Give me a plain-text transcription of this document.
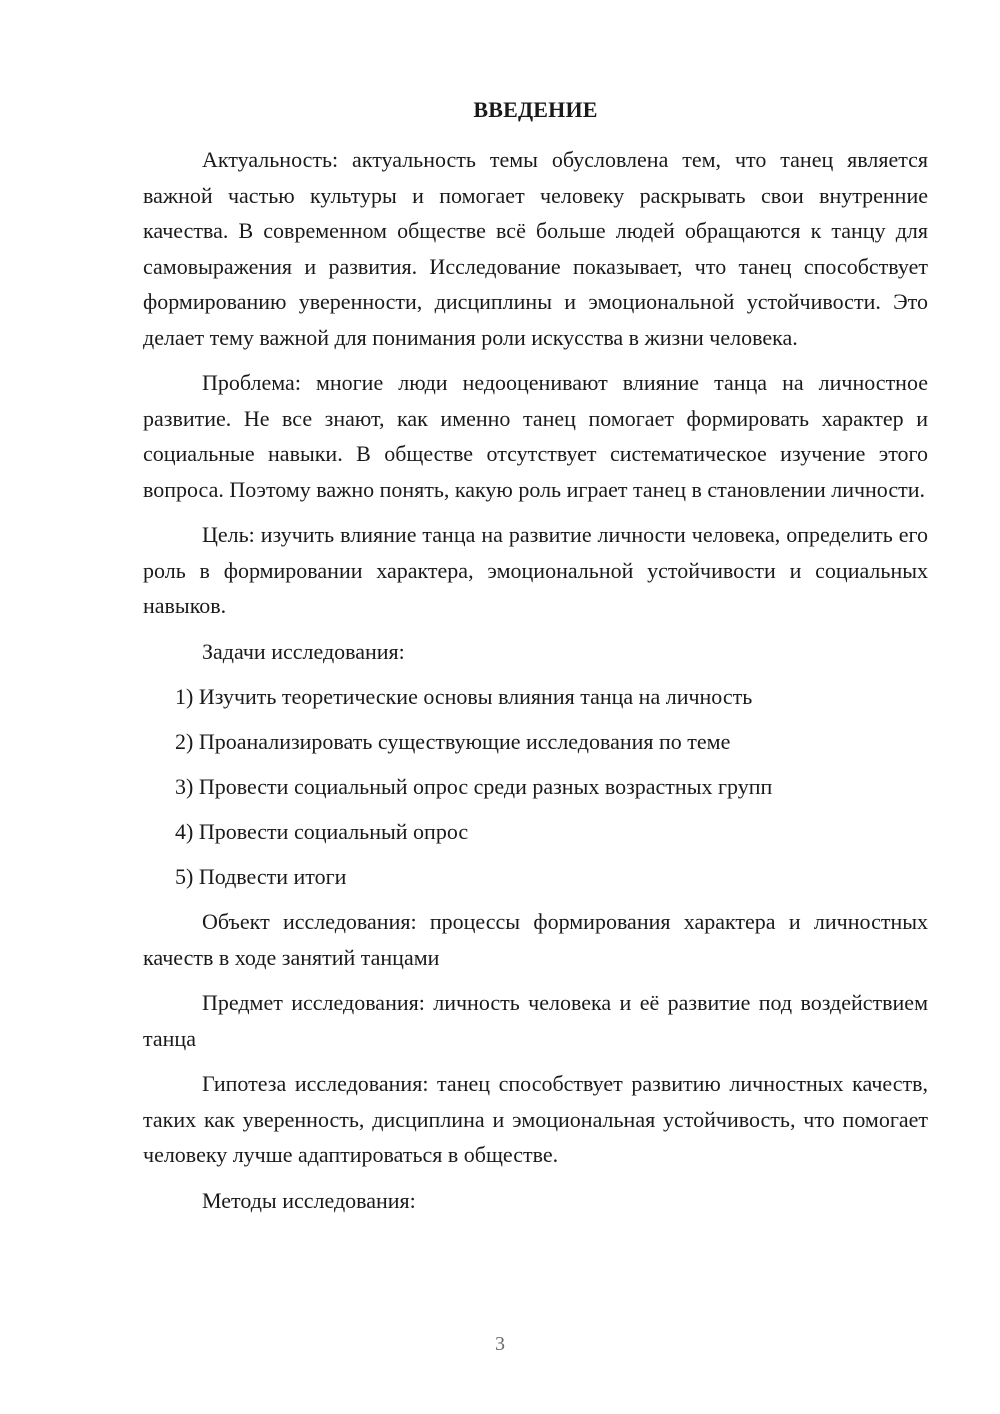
ВВЕДЕНИЕ

Актуальность: актуальность темы обусловлена тем, что танец является важной частью культуры и помогает человеку раскрывать свои внутренние качества. В современном обществе всё больше людей обращаются к танцу для самовыражения и развития. Исследование показывает, что танец способствует формированию уверенности, дисциплины и эмоциональной устойчивости. Это делает тему важной для понимания роли искусства в жизни человека.

Проблема: многие люди недооценивают влияние танца на личностное развитие. Не все знают, как именно танец помогает формировать характер и социальные навыки. В обществе отсутствует систематическое изучение этого вопроса. Поэтому важно понять, какую роль играет танец в становлении личности.

Цель: изучить влияние танца на развитие личности человека, определить его роль в формировании характера, эмоциональной устойчивости и социальных навыков.

Задачи исследования:

1) Изучить теоретические основы влияния танца на личность
2) Проанализировать существующие исследования по теме
3) Провести социальный опрос среди разных возрастных групп
4) Провести социальный опрос
5) Подвести итоги

Объект исследования: процессы формирования характера и личностных качеств в ходе занятий танцами

Предмет исследования: личность человека и её развитие под воздействием танца

Гипотеза исследования: танец способствует развитию личностных качеств, таких как уверенность, дисциплина и эмоциональная устойчивость, что помогает человеку лучше адаптироваться в обществе.

Методы исследования:

3
